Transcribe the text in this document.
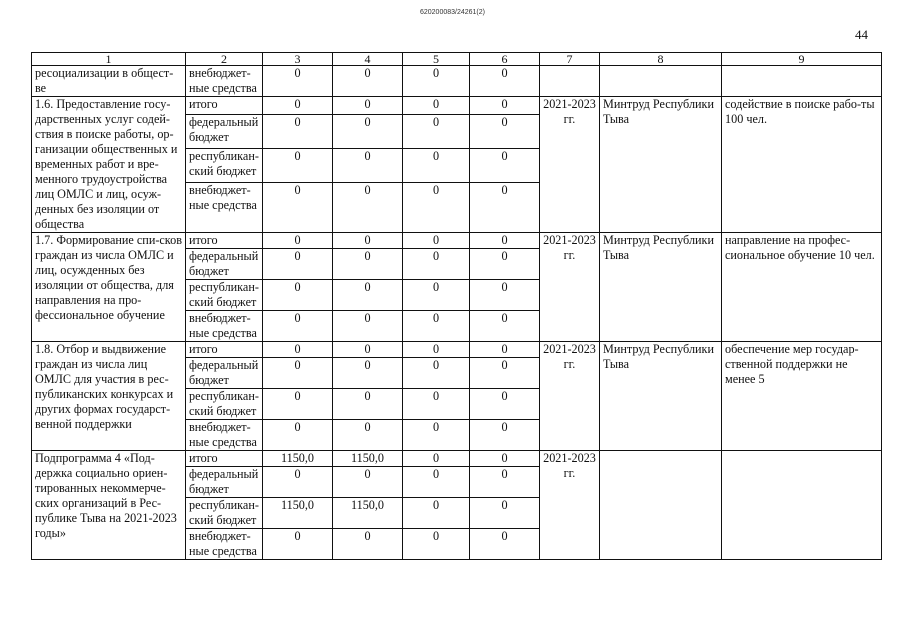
620200083/24261(2)
44
1	2	3	4	5	6	7	8	9
ресоциализации в общест-ве	внебюджет-ные средства	0	0	0	0			
1.6. Предоставление госу-дарственных услуг содей-ствия в поиске работы, ор-ганизации общественных и временных работ и вре-менного трудоустройства лиц ОМЛС и лиц, осуж-денных без изоляции от общества	итого	0	0	0	0	2021-2023 гг.	Минтруд Республики Тыва	содействие в поиске рабо-ты 100 чел.
	федеральный бюджет	0	0	0	0			
	республикан-ский бюджет	0	0	0	0			
	внебюджет-ные средства	0	0	0	0			
1.7. Формирование спи-сков граждан из числа ОМЛС и лиц, осужденных без изоляции от общества, для направления на про-фессиональное обучение	итого	0	0	0	0	2021-2023 гг.	Минтруд Республики Тыва	направление на профес-сиональное обучение 10 чел.
	федеральный бюджет	0	0	0	0			
	республикан-ский бюджет	0	0	0	0			
	внебюджет-ные средства	0	0	0	0			
1.8. Отбор и выдвижение граждан из числа лиц ОМЛС для участия в рес-публиканских конкурсах и других формах государст-венной поддержки	итого	0	0	0	0	2021-2023 гг.	Минтруд Республики Тыва	обеспечение мер государ-ственной поддержки не менее 5
	федеральный бюджет	0	0	0	0			
	республикан-ский бюджет	0	0	0	0			
	внебюджет-ные средства	0	0	0	0			
Подпрограмма 4 «Под-держка социально ориен-тированных некоммерче-ских организаций в Рес-публике Тыва на 2021-2023 годы»	итого	1150,0	1150,0	0	0	2021-2023 гг.		
	федеральный бюджет	0	0	0	0			
	республикан-ский бюджет	1150,0	1150,0	0	0			
	внебюджет-ные средства	0	0	0	0			
